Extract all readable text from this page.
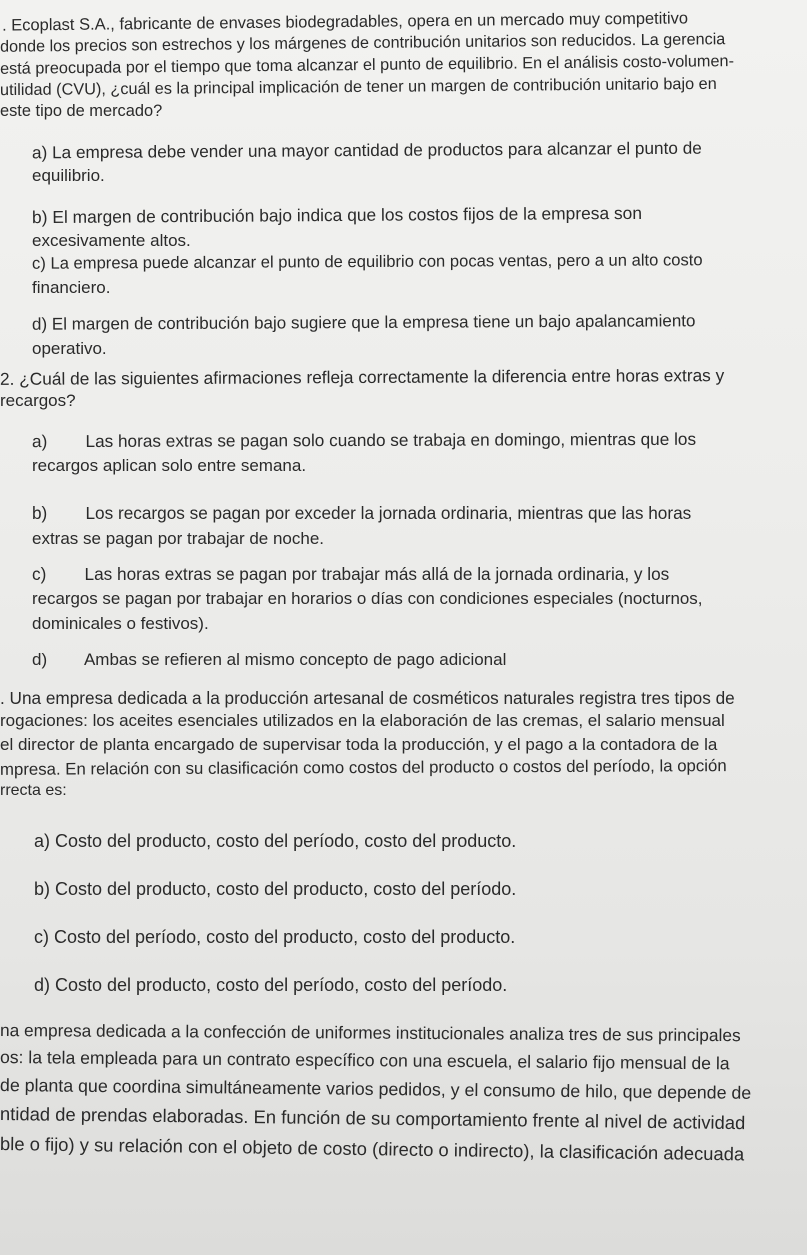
. Ecoplast S.A., fabricante de envases biodegradables, opera en un mercado muy competitivo
donde los precios son estrechos y los márgenes de contribución unitarios son reducidos. La gerencia
está preocupada por el tiempo que toma alcanzar el punto de equilibrio. En el análisis costo-volumen-
utilidad (CVU), ¿cuál es la principal implicación de tener un margen de contribución unitario bajo en
este tipo de mercado?
a) La empresa debe vender una mayor cantidad de productos para alcanzar el punto de
equilibrio.
b) El margen de contribución bajo indica que los costos fijos de la empresa son
excesivamente altos.
c) La empresa puede alcanzar el punto de equilibrio con pocas ventas, pero a un alto costo
financiero.
d) El margen de contribución bajo sugiere que la empresa tiene un bajo apalancamiento
operativo.
2. ¿Cuál de las siguientes afirmaciones refleja correctamente la diferencia entre horas extras y
recargos?
a)        Las horas extras se pagan solo cuando se trabaja en domingo, mientras que los
recargos aplican solo entre semana.
b)        Los recargos se pagan por exceder la jornada ordinaria, mientras que las horas
extras se pagan por trabajar de noche.
c)        Las horas extras se pagan por trabajar más allá de la jornada ordinaria, y los
recargos se pagan por trabajar en horarios o días con condiciones especiales (nocturnos,
dominicales o festivos).
d)        Ambas se refieren al mismo concepto de pago adicional
. Una empresa dedicada a la producción artesanal de cosméticos naturales registra tres tipos de
rogaciones: los aceites esenciales utilizados en la elaboración de las cremas, el salario mensual
el director de planta encargado de supervisar toda la producción, y el pago a la contadora de la
mpresa. En relación con su clasificación como costos del producto o costos del período, la opción
rrecta es:
a) Costo del producto, costo del período, costo del producto.
b) Costo del producto, costo del producto, costo del período.
c) Costo del período, costo del producto, costo del producto.
d) Costo del producto, costo del período, costo del período.
na empresa dedicada a la confección de uniformes institucionales analiza tres de sus principales
os: la tela empleada para un contrato específico con una escuela, el salario fijo mensual de la
de planta que coordina simultáneamente varios pedidos, y el consumo de hilo, que depende de
ntidad de prendas elaboradas. En función de su comportamiento frente al nivel de actividad
ble o fijo) y su relación con el objeto de costo (directo o indirecto), la clasificación adecuada
